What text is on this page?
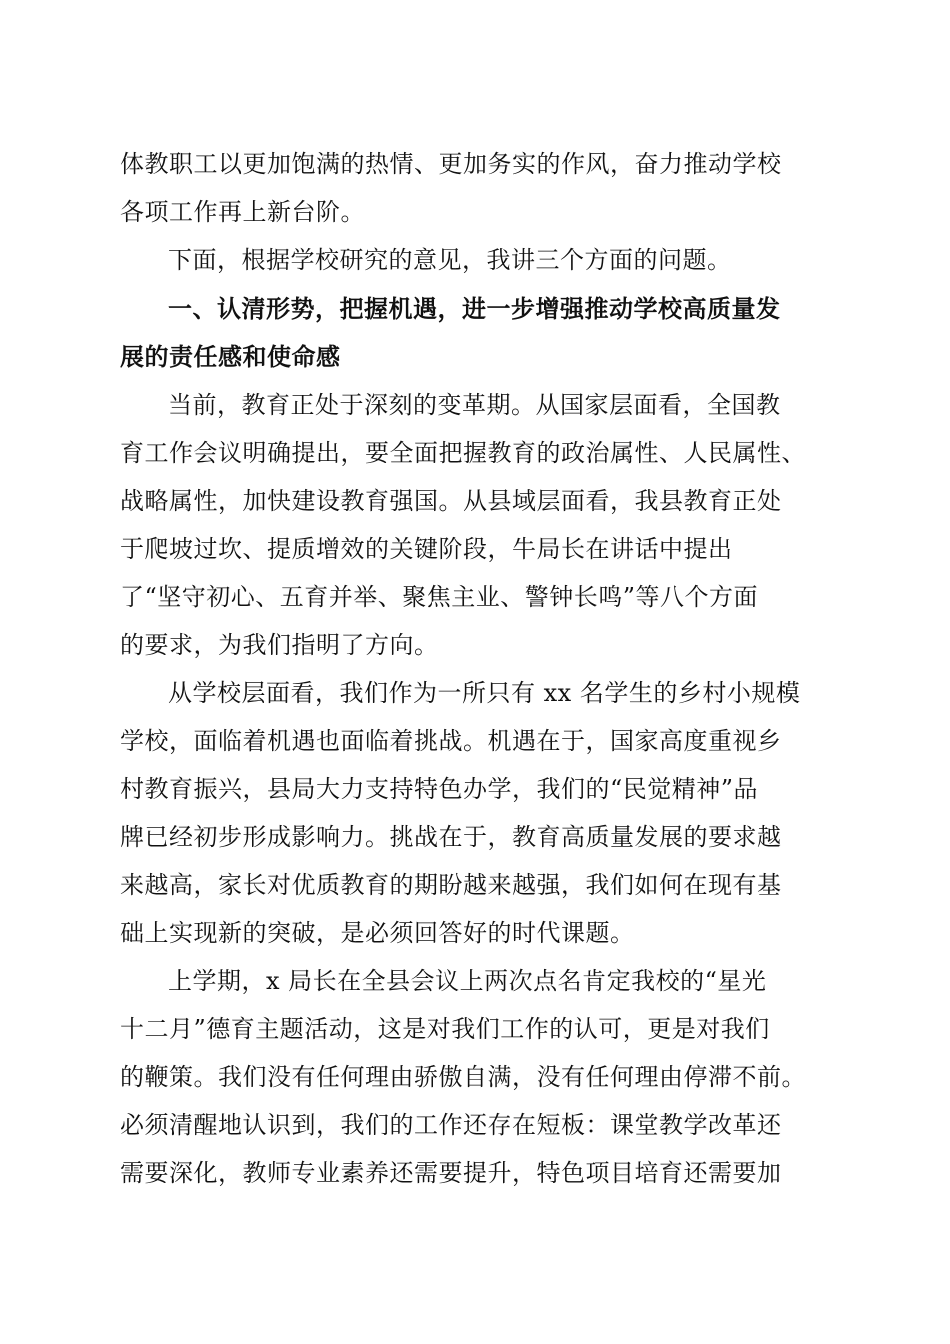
体教职工以更加饱满的热情、更加务实的作风，奋力推动学校
各项工作再上新台阶。
下面，根据学校研究的意见，我讲三个方面的问题。
一、认清形势，把握机遇，进一步增强推动学校高质量发
展的责任感和使命感
当前，教育正处于深刻的变革期。从国家层面看，全国教
育工作会议明确提出，要全面把握教育的政治属性、人民属性、
战略属性，加快建设教育强国。从县域层面看，我县教育正处
于爬坡过坎、提质增效的关键阶段，牛局长在讲话中提出
了“坚守初心、五育并举、聚焦主业、警钟长鸣”等八个方面
的要求，为我们指明了方向。
从学校层面看，我们作为一所只有 xx 名学生的乡村小规模
学校，面临着机遇也面临着挑战。机遇在于，国家高度重视乡
村教育振兴，县局大力支持特色办学，我们的“民觉精神”品
牌已经初步形成影响力。挑战在于，教育高质量发展的要求越
来越高，家长对优质教育的期盼越来越强，我们如何在现有基
础上实现新的突破，是必须回答好的时代课题。
上学期，x 局长在全县会议上两次点名肯定我校的“星光
十二月”德育主题活动，这是对我们工作的认可，更是对我们
的鞭策。我们没有任何理由骄傲自满，没有任何理由停滞不前。
必须清醒地认识到，我们的工作还存在短板：课堂教学改革还
需要深化，教师专业素养还需要提升，特色项目培育还需要加
